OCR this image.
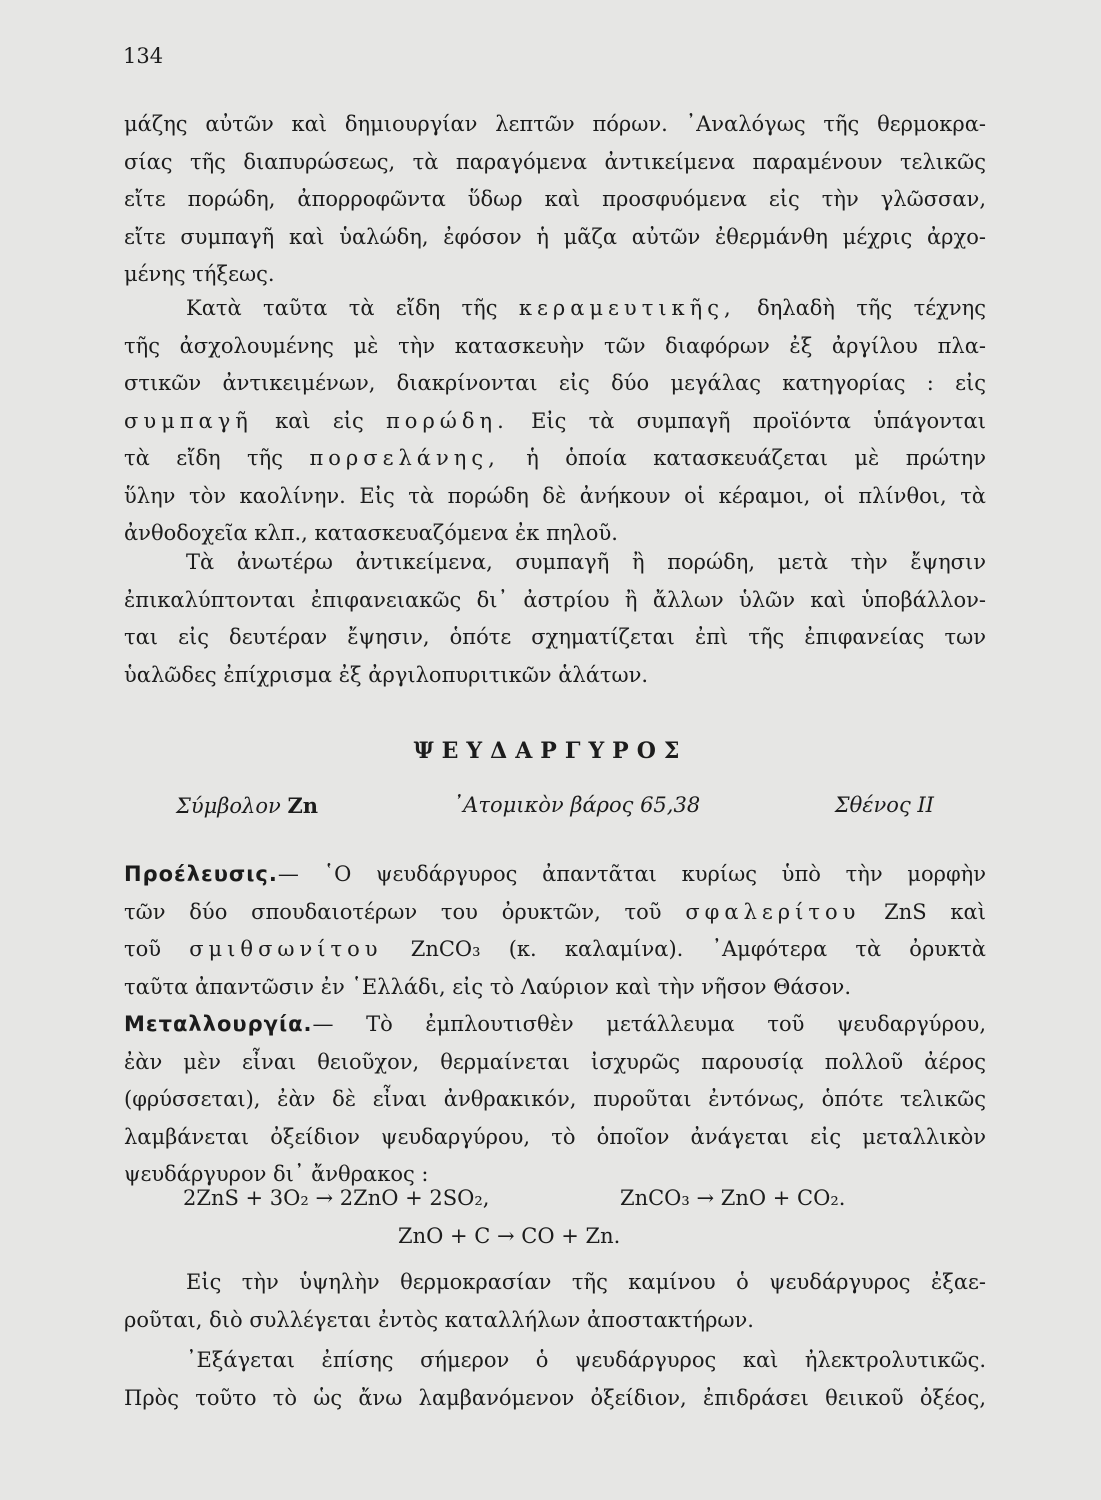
134
μάζης αὐτῶν καὶ δημιουργίαν λεπτῶν πόρων. ᾿Αναλόγως τῆς θερμοκρα-
σίας τῆς διαπυρώσεως, τὰ παραγόμενα ἀντικείμενα παραμένουν τελικῶς
εἴτε πορώδη, ἀπορροφῶντα ὕδωρ καὶ προσφυόμενα εἰς τὴν γλῶσσαν,
εἴτε συμπαγῆ καὶ ὑαλώδη, ἐφόσον ἡ μᾶζα αὐτῶν ἐθερμάνθη μέχρις ἀρχο-
μένης τήξεως.
Κατὰ ταῦτα τὰ εἴδη τῆς κεραμευτικῆς, δηλαδὴ τῆς τέχνης
τῆς ἀσχολουμένης μὲ τὴν κατασκευὴν τῶν διαφόρων ἐξ ἀργίλου πλα-
στικῶν ἀντικειμένων, διακρίνονται εἰς δύο μεγάλας κατηγορίας : εἰς
συμπαγῆ καὶ εἰς πορώδη. Εἰς τὰ συμπαγῆ προϊόντα ὑπάγονται
τὰ εἴδη τῆς πορσελάνης, ἡ ὁποία κατασκευάζεται μὲ πρώτην
ὕλην τὸν καολίνην. Εἰς τὰ πορώδη δὲ ἀνήκουν οἱ κέραμοι, οἱ πλίνθοι, τὰ
ἀνθοδοχεῖα κλπ., κατασκευαζόμενα ἐκ πηλοῦ.
Τὰ ἀνωτέρω ἀντικείμενα, συμπαγῆ ἢ πορώδη, μετὰ τὴν ἔψησιν
ἐπικαλύπτονται ἐπιφανειακῶς δι᾿ ἀστρίου ἢ ἄλλων ὑλῶν καὶ ὑποβάλλον-
ται εἰς δευτέραν ἔψησιν, ὁπότε σχηματίζεται ἐπὶ τῆς ἐπιφανείας των
ὑαλῶδες ἐπίχρισμα ἐξ ἀργιλοπυριτικῶν ἁλάτων.
ΨΕΥΔΑΡΓΥΡΟΣ
Σύμβολον Zn	᾿Ατομικὸν βάρος 65,38	Σθένος II
Προέλευσις.— ῾Ο ψευδάργυρος ἀπαντᾶται κυρίως ὑπὸ τὴν μορφὴν
τῶν δύο σπουδαιοτέρων του ὀρυκτῶν, τοῦ σφαλερίτου ZnS καὶ
τοῦ σμιθσωνίτου ZnCO₃ (κ. καλαμίνα). ᾿Αμφότερα τὰ ὀρυκτὰ
ταῦτα ἀπαντῶσιν ἐν ῾Ελλάδι, εἰς τὸ Λαύριον καὶ τὴν νῆσον Θάσον.
Μεταλλουργία.— Τὸ ἐμπλουτισθὲν μετάλλευμα τοῦ ψευδαργύρου,
ἐὰν μὲν εἶναι θειοῦχον, θερμαίνεται ἰσχυρῶς παρουσίᾳ πολλοῦ ἀέρος
(φρύσσεται), ἐὰν δὲ εἶναι ἀνθρακικόν, πυροῦται ἐντόνως, ὁπότε τελικῶς
λαμβάνεται ὀξείδιον ψευδαργύρου, τὸ ὁποῖον ἀνάγεται εἰς μεταλλικὸν
ψευδάργυρον δι᾿ ἄνθρακος :
2ZnS + 3O₂ → 2ZnO + 2SO₂,	ZnCO₃ → ZnO + CO₂.
ZnO + C → CO + Zn.
Εἰς τὴν ὑψηλὴν θερμοκρασίαν τῆς καμίνου ὁ ψευδάργυρος ἐξαε-
ροῦται, διὸ συλλέγεται ἐντὸς καταλλήλων ἀποστακτήρων.
᾿Εξάγεται ἐπίσης σήμερον ὁ ψευδάργυρος καὶ ἠλεκτρολυτικῶς.
Πρὸς τοῦτο τὸ ὡς ἄνω λαμβανόμενον ὀξείδιον, ἐπιδράσει θειικοῦ ὀξέος,
